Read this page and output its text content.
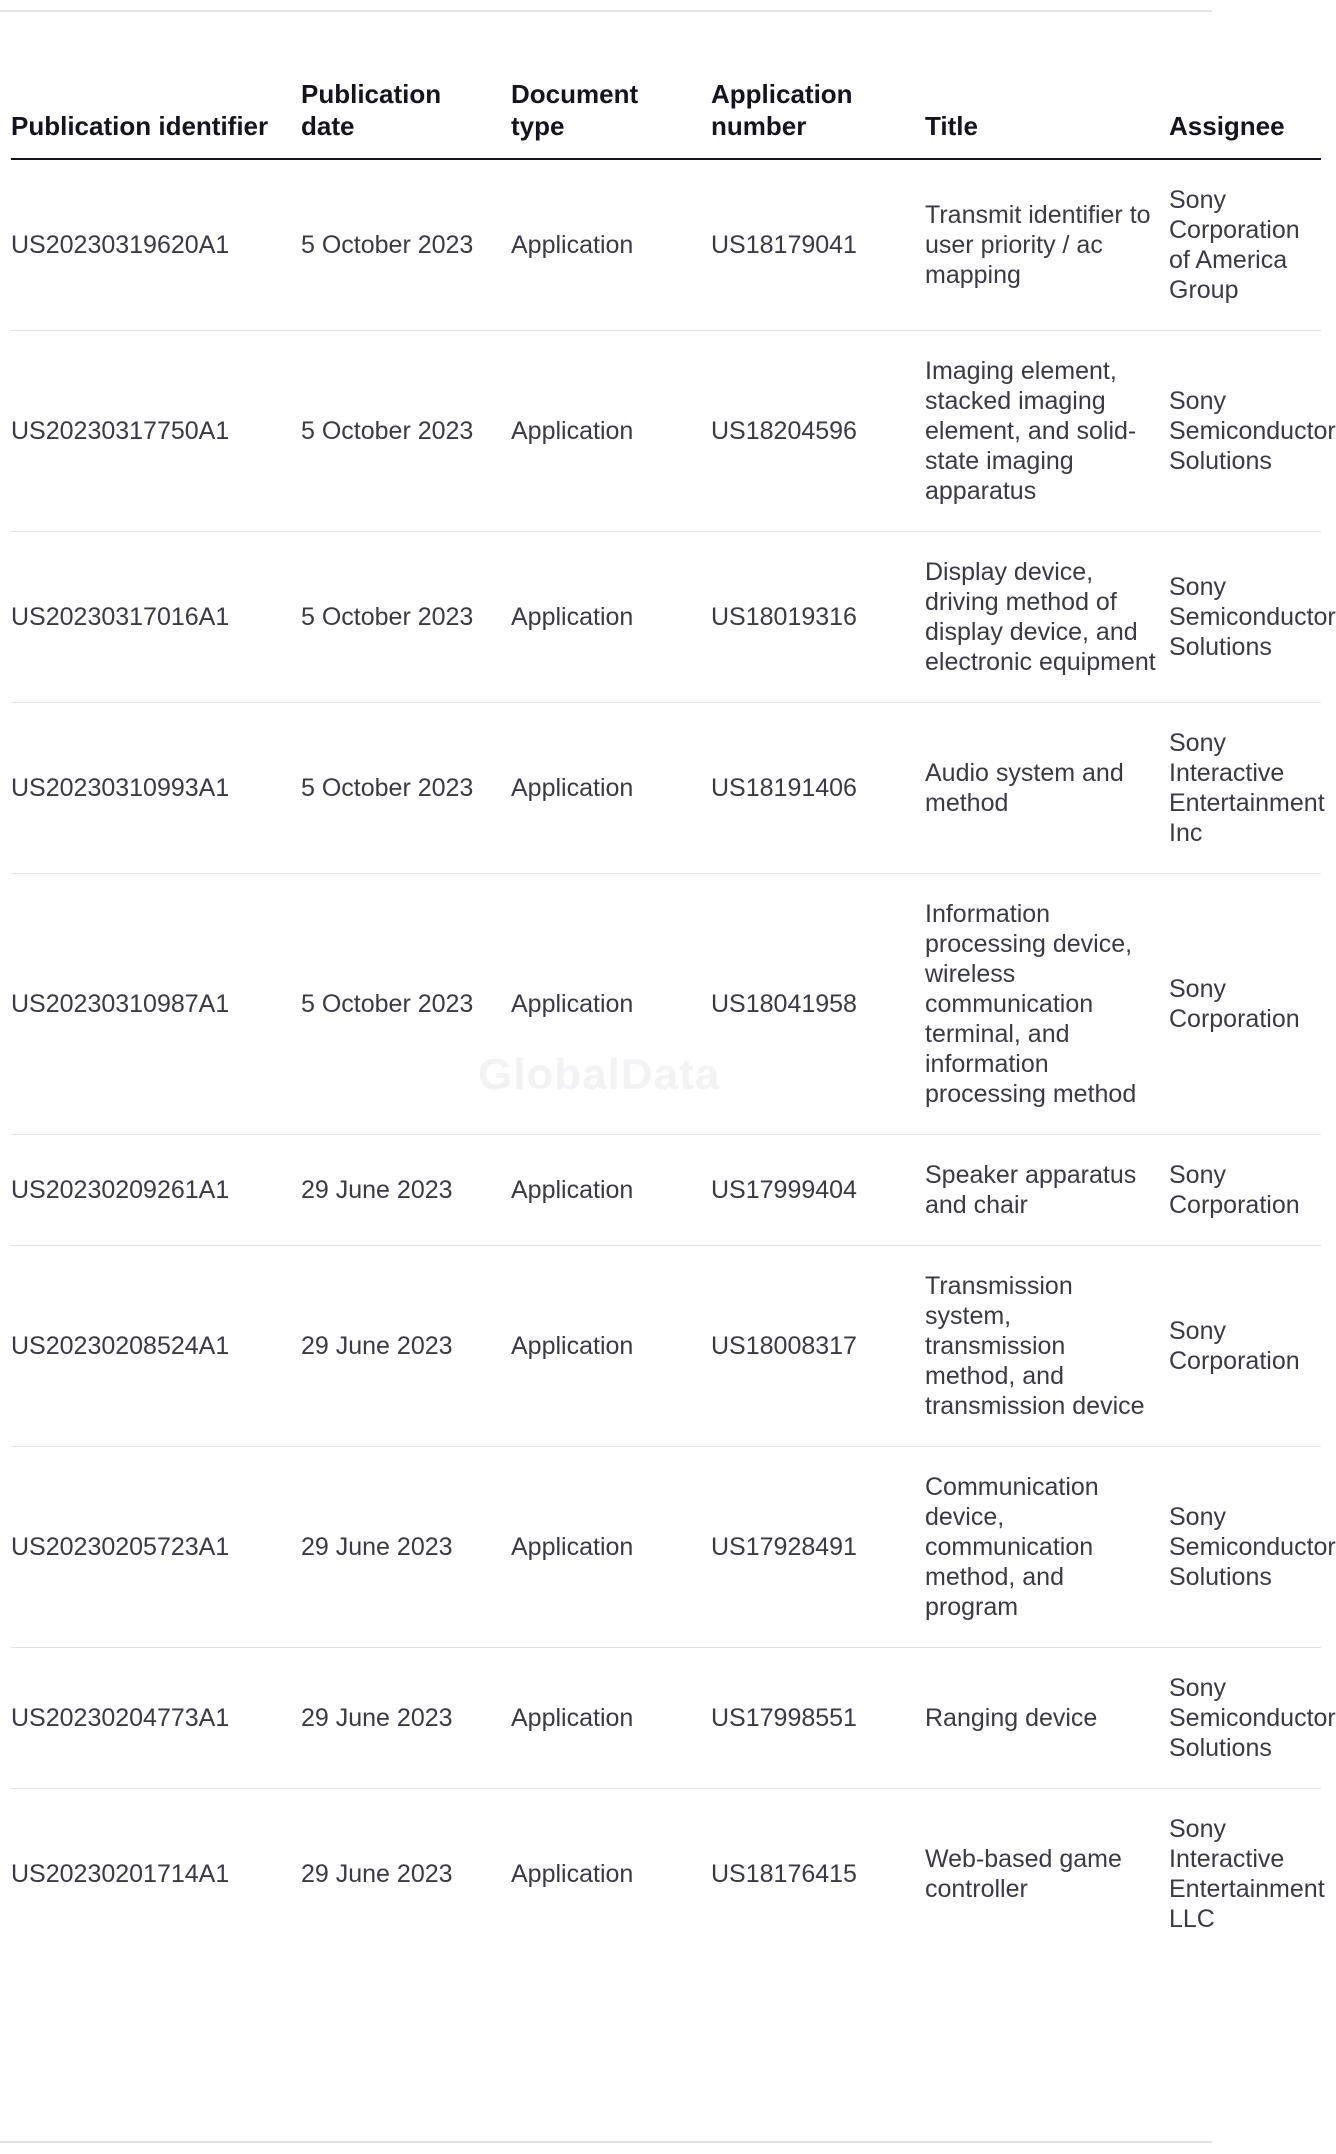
Publication identifier	Publication date	Document type	Application number	Title	Assignee
US20230319620A1	5 October 2023	Application	US18179041	Transmit identifier to user priority / ac mapping	Sony Corporation of America Group
US20230317750A1	5 October 2023	Application	US18204596	Imaging element, stacked imaging element, and solid-state imaging apparatus	Sony Semiconductor Solutions
US20230317016A1	5 October 2023	Application	US18019316	Display device, driving method of display device, and electronic equipment	Sony Semiconductor Solutions
US20230310993A1	5 October 2023	Application	US18191406	Audio system and method	Sony Interactive Entertainment Inc
US20230310987A1	5 October 2023	Application	US18041958	Information processing device, wireless communication terminal, and information processing method	Sony Corporation
US20230209261A1	29 June 2023	Application	US17999404	Speaker apparatus and chair	Sony Corporation
US20230208524A1	29 June 2023	Application	US18008317	Transmission system, transmission method, and transmission device	Sony Corporation
US20230205723A1	29 June 2023	Application	US17928491	Communication device, communication method, and program	Sony Semiconductor Solutions
US20230204773A1	29 June 2023	Application	US17998551	Ranging device	Sony Semiconductor Solutions
US20230201714A1	29 June 2023	Application	US18176415	Web-based game controller	Sony Interactive Entertainment LLC
GlobalData
